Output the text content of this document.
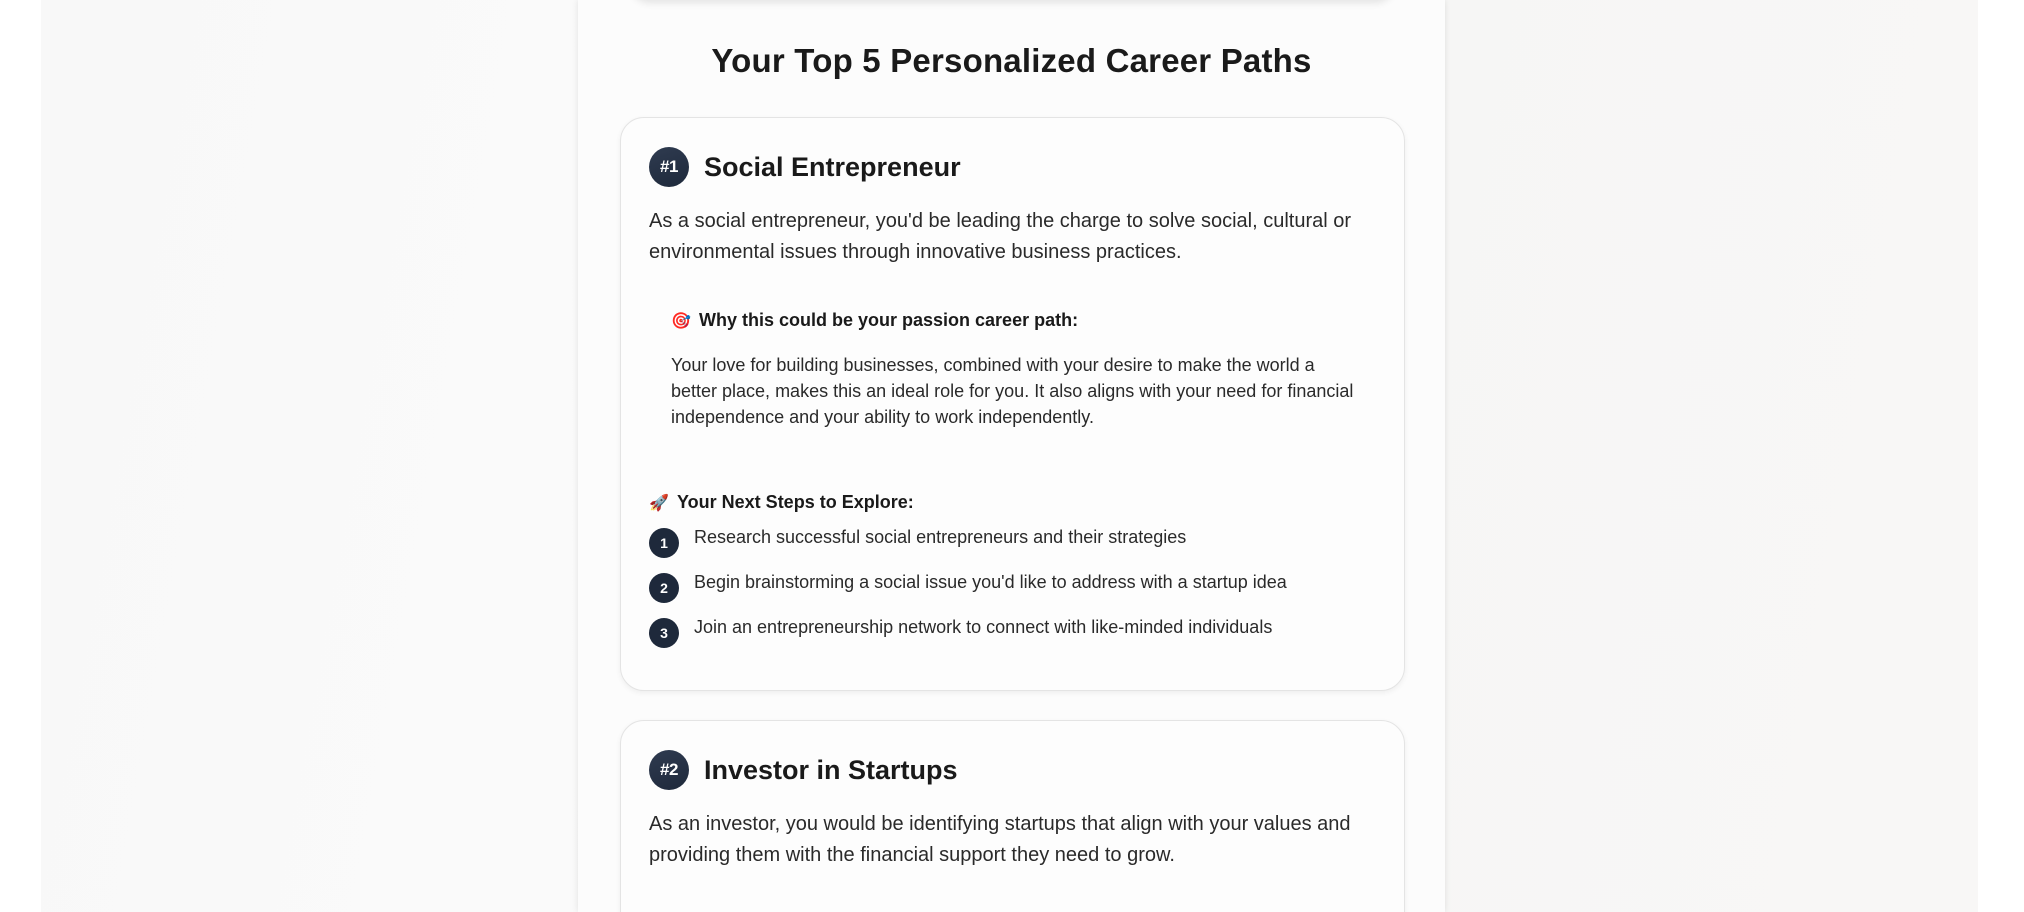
Your Top 5 Personalized Career Paths
#1 Social Entrepreneur

As a social entrepreneur, you'd be leading the charge to solve social, cultural or environmental issues through innovative business practices.

🎯 Why this could be your passion career path:

Your love for building businesses, combined with your desire to make the world a better place, makes this an ideal role for you. It also aligns with your need for financial independence and your ability to work independently.

🚀 Your Next Steps to Explore:
1	Research successful social entrepreneurs and their strategies
2	Begin brainstorming a social issue you'd like to address with a startup idea
3	Join an entrepreneurship network to connect with like-minded individuals
#2 Investor in Startups

As an investor, you would be identifying startups that align with your values and providing them with the financial support they need to grow.
